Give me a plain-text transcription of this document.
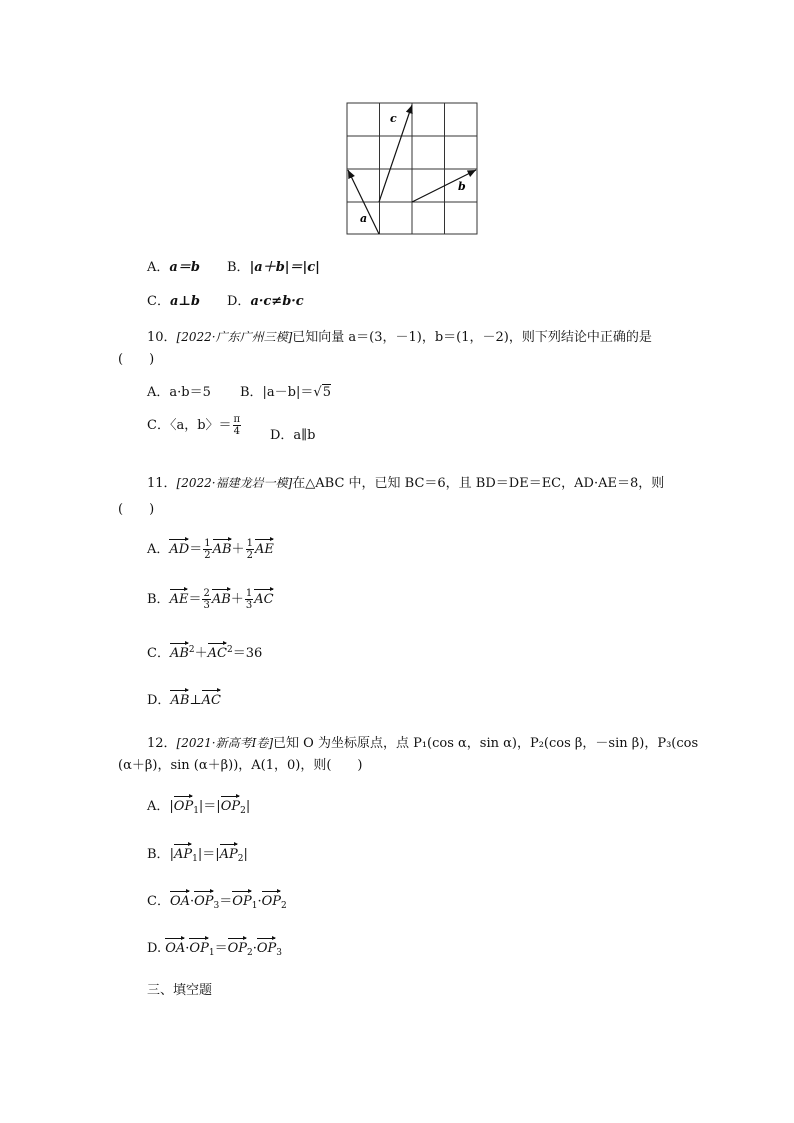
a
c
b
A．a＝b B．|a＋b|＝|c|
C．a⊥b D．a·c≠b·c
10．[2022·广东广州三模]已知向量 a＝(3，－1)，b＝(1，－2)，则下列结论中正确的是
(　　)
A．a·b＝5 B．|a－b|＝√5
C．〈a，b〉＝ $\frac{\pi}{4}$ D．a∥b
11．[2022·福建龙岩一模]在△ABC 中，已知 BC＝6，且 BD＝DE＝EC，AD·AE＝8，则
(　　)
A．$AD= \frac{1}{2} AB+ \frac{1}{2}$ AE
B．$AE= \frac{2}{3} AB+ \frac{1}{3}$ AC
C．$AB^2+AC^2=36$
D．AB⊥AC
12．[2021·新高考Ⅰ卷]已知 O 为坐标原点，点 P₁(cos α，sin α)，P₂(cos β，－sin β)，P₃(cos
(α＋β)，sin (α＋β))，A(1，0)，则(　　)
A．$|OP_1|=|OP_2|$
B．$|AP_1|=|AP_2|$
C．$OA\cdot OP_3=OP_1\cdot OP_2$
D. $OA\cdot OP_1=OP_2\cdot OP_3$
三、填空题
